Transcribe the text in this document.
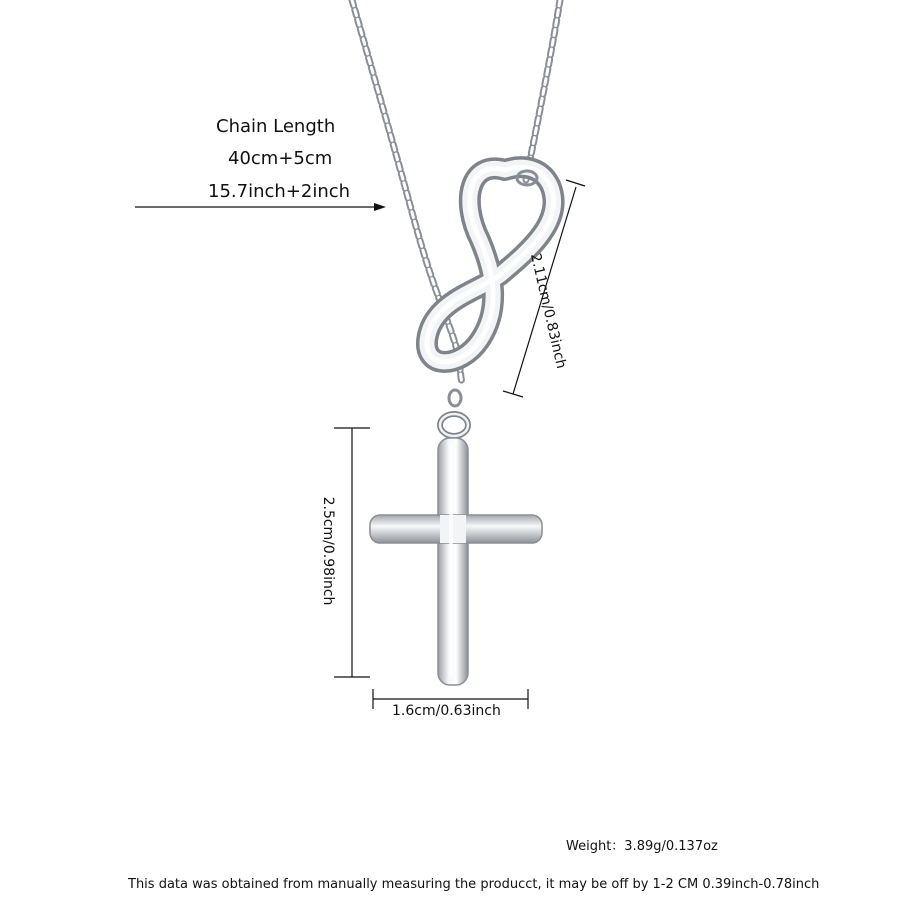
Chain Length
40cm+5cm
15.7inch+2inch
2.11cm/0.83inch
2.5cm/0.98inch
1.6cm/0.63inch
Weight：3.89g/0.137oz
This data was obtained from manually measuring the producct, it may be off by 1-2 CM 0.39inch-0.78inch
